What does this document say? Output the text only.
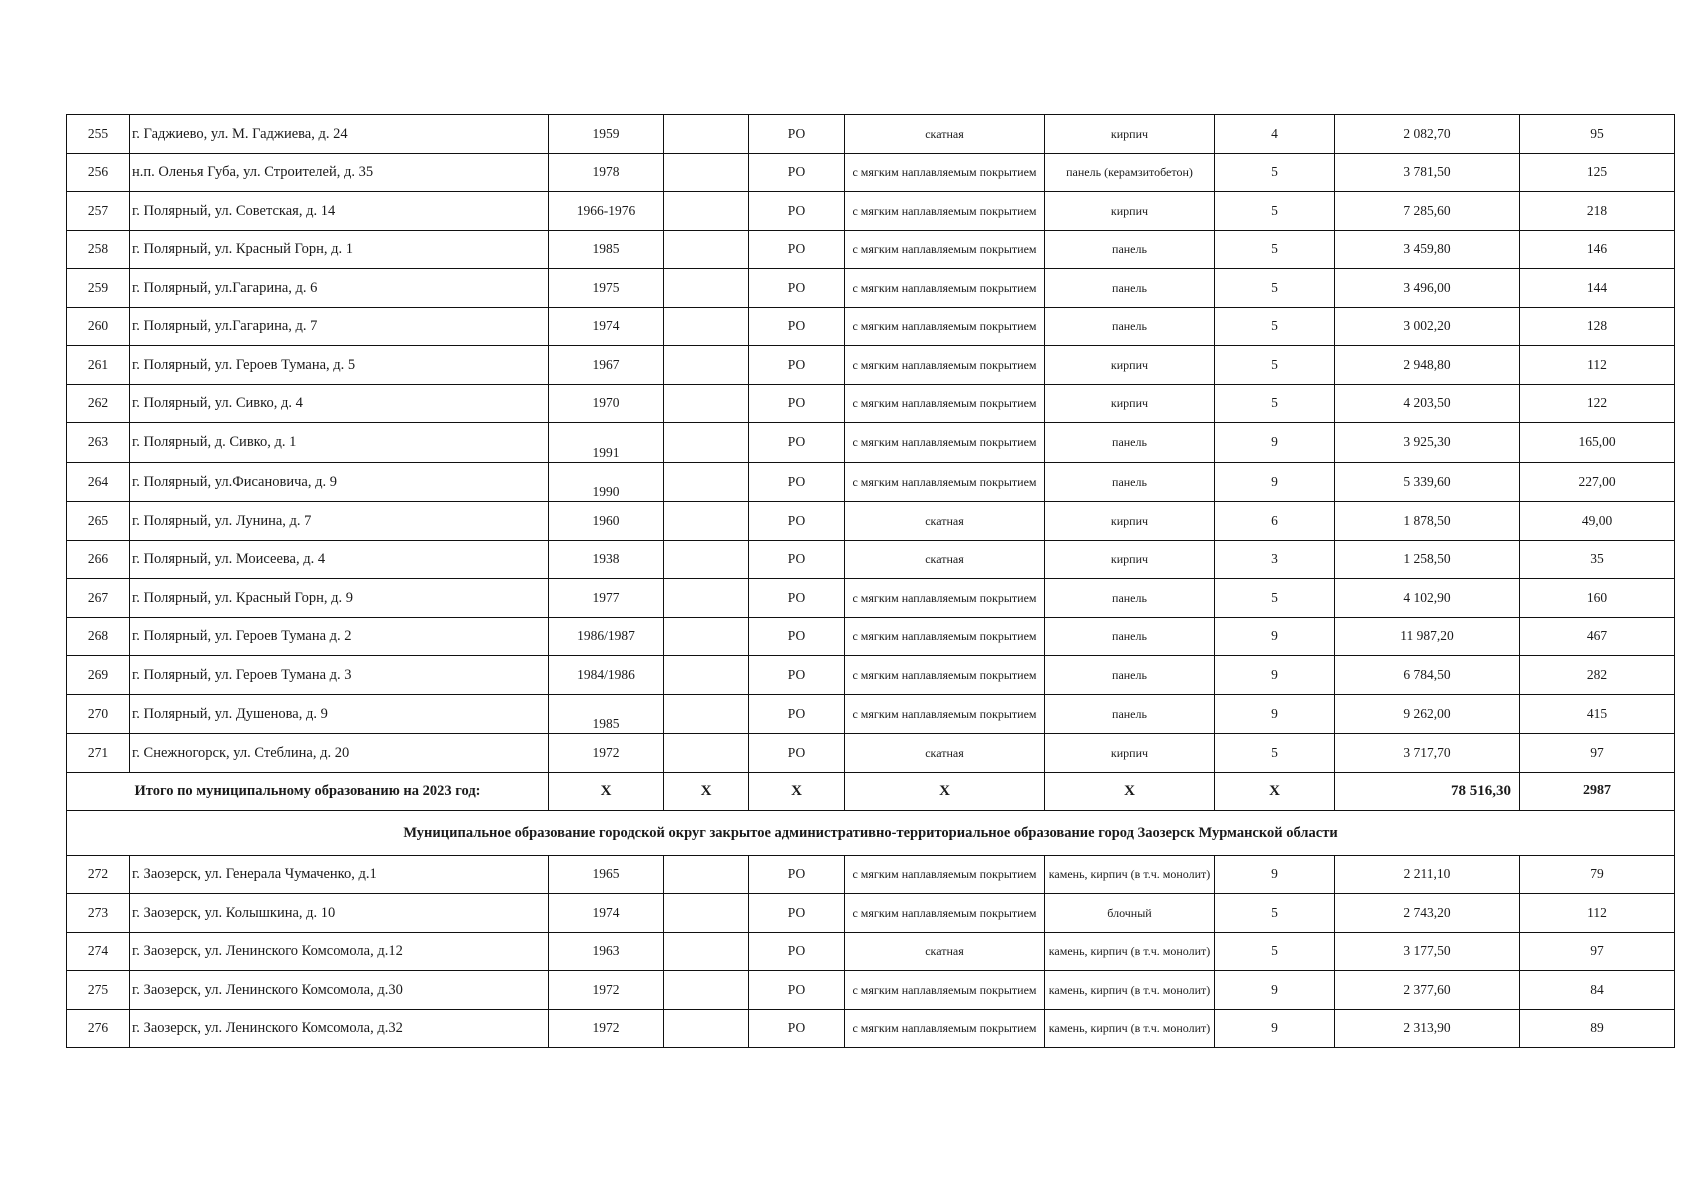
255	г. Гаджиево, ул. М. Гаджиева, д. 24	1959		РО	скатная	кирпич	4	2 082,70	95
256	н.п. Оленья Губа, ул. Строителей, д. 35	1978		РО	с мягким наплавляемым покрытием	панель (керамзитобетон)	5	3 781,50	125
257	г. Полярный, ул. Советская, д. 14	1966-1976		РО	с мягким наплавляемым покрытием	кирпич	5	7 285,60	218
258	г. Полярный, ул. Красный Горн, д. 1	1985		РО	с мягким наплавляемым покрытием	панель	5	3 459,80	146
259	г. Полярный, ул.Гагарина, д. 6	1975		РО	с мягким наплавляемым покрытием	панель	5	3 496,00	144
260	г. Полярный, ул.Гагарина, д. 7	1974		РО	с мягким наплавляемым покрытием	панель	5	3 002,20	128
261	г. Полярный, ул. Героев Тумана, д. 5	1967		РО	с мягким наплавляемым покрытием	кирпич	5	2 948,80	112
262	г. Полярный, ул. Сивко, д. 4	1970		РО	с мягким наплавляемым покрытием	кирпич	5	4 203,50	122
263	г. Полярный, д. Сивко, д. 1	1991		РО	с мягким наплавляемым покрытием	панель	9	3 925,30	165,00
264	г. Полярный, ул.Фисановича, д. 9	1990		РО	с мягким наплавляемым покрытием	панель	9	5 339,60	227,00
265	г. Полярный, ул. Лунина, д. 7	1960		РО	скатная	кирпич	6	1 878,50	49,00
266	г. Полярный, ул. Моисеева, д. 4	1938		РО	скатная	кирпич	3	1 258,50	35
267	г. Полярный, ул. Красный Горн, д. 9	1977		РО	с мягким наплавляемым покрытием	панель	5	4 102,90	160
268	г. Полярный, ул. Героев Тумана д. 2	1986/1987		РО	с мягким наплавляемым покрытием	панель	9	11 987,20	467
269	г. Полярный, ул. Героев Тумана д. 3	1984/1986		РО	с мягким наплавляемым покрытием	панель	9	6 784,50	282
270	г. Полярный, ул. Душенова, д. 9	1985		РО	с мягким наплавляемым покрытием	панель	9	9 262,00	415
271	г. Снежногорск, ул. Стеблина, д. 20	1972		РО	скатная	кирпич	5	3 717,70	97
Итого по муниципальному образованию на 2023 год:		X	X	X	X	X	X	78 516,30	2987
Муниципальное образование городской округ закрытое административно-территориальное образование город Заозерск Мурманской области									
272	г. Заозерск, ул. Генерала Чумаченко, д.1	1965		РО	с мягким наплавляемым покрытием	камень, кирпич (в т.ч. монолит)	9	2 211,10	79
273	г. Заозерск, ул. Колышкина, д. 10	1974		РО	с мягким наплавляемым покрытием	блочный	5	2 743,20	112
274	г. Заозерск, ул. Ленинского Комсомола, д.12	1963		РО	скатная	камень, кирпич (в т.ч. монолит)	5	3 177,50	97
275	г. Заозерск, ул. Ленинского Комсомола, д.30	1972		РО	с мягким наплавляемым покрытием	камень, кирпич (в т.ч. монолит)	9	2 377,60	84
276	г. Заозерск, ул. Ленинского Комсомола, д.32	1972		РО	с мягким наплавляемым покрытием	камень, кирпич (в т.ч. монолит)	9	2 313,90	89
